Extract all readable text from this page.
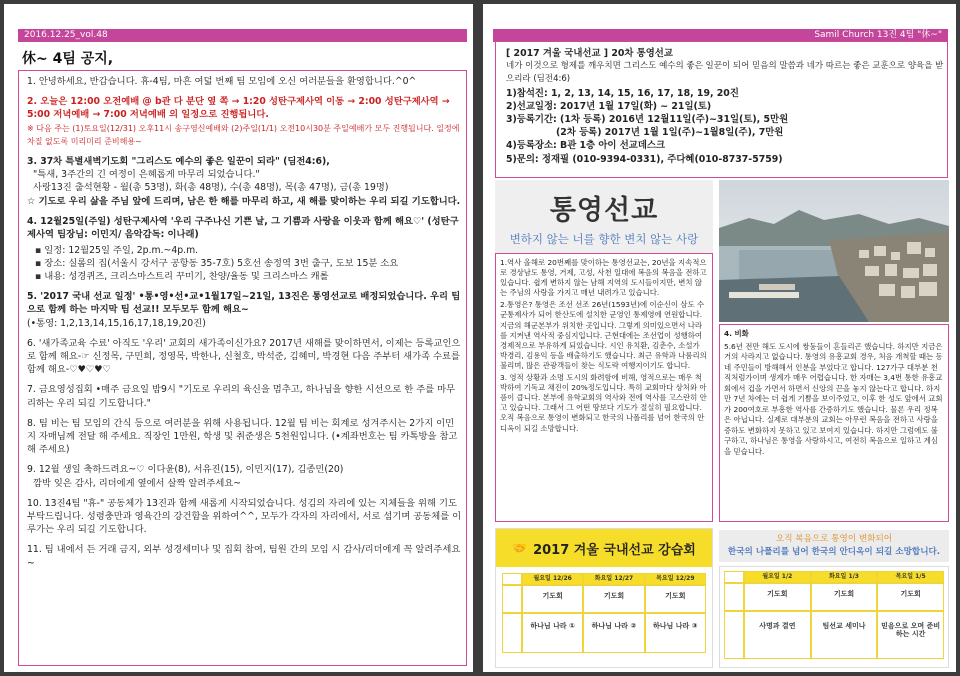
2016.12.25_vol.48
休~ 4팀 공지,

1. 안녕하세요, 반갑습니다. 휴-4팀, 마흔 여덟 번째 팀 모임에 오신 여러분들을 환영합니다.^0^

2. 오늘은 12:00 오전예배 @ b관 다 분단 옆 쪽 → 1:20 성탄구제사역 이동 → 2:00 성탄구제사역 → 5:00 저녁예배 → 7:00 저녁예배 의 일정으로 진행됩니다.
※ 다음 주는 (1)토요일(12/31) 오후11시 송구영신예배와 (2)주일(1/1) 오전10시30분 주일예배가 모두 진행됩니다. 일정에 차질 없도록 미리미리 준비해용~

3. 37차 특별새벽기도회 "그리스도 예수의 좋은 일꾼이 되라" (딤전4:6),
"특새, 3주간의 긴 여정이 은혜롭게 마무리 되었습니다."
사랑13진 출석현황 - 월(총 53명), 화(총 48명), 수(총 48명), 목(총 47명), 금(총 19명)
☆ 기도로 우리 삶을 주님 앞에 드리며, 남은 한 해를 마무리 하고, 새 해를 맞이하는 우리 되길 기도합니다.

4. 12월25일(주일) 성탄구제사역 '우리 구주나신 기쁜 날, 그 기쁨과 사랑을 이웃과 함께 해요♡' (성탄구제사역 팀장님: 이민지/ 음악감독: 이나래)

▪ 일정: 12월25일 주일, 2p.m.~4p.m.
▪ 장소: 실롬의 집(서울시 강서구 공항동 35-7호) 5호선 송정역 3번 출구, 도보 15분 소요
▪ 내용: 성경퀴즈, 크리스마스트리 꾸미기, 찬양/율동 및 크리스마스 캐롤

5. '2017 국내 선교 일정' •통•영•선•교•1월17일~21일, 13진은 통영선교로 배정되었습니다. 우리 팀으로 함께 하는 마지막 팀 선교!! 모두모두 함께 해요~
(•통영: 1,2,13,14,15,16,17,18,19,20진)

6. '새가족교육 수료' 아직도 '우리' 교회의 새가족이신가요? 2017년 새해를 맞이하면서, 이제는 등록교인으로 함께 해요-☞ 신정목, 구민희, 정영목, 박한나, 신철호, 박석준, 김혜미, 박경현 다음 주부터 새가족 수료를 함께 해요-♡♥♡♥♡

7. 금요영성집회 •매주 금요일 밤9시 "기도로 우리의 육신을 멈추고, 하나님을 향한 시선으로 한 주를 마무리하는 우리 되길 기도합니다."

8. 팀 비는 팀 모임의 간식 등으로 여러분을 위해 사용됩니다. 12월 팀 비는 회계로 성겨주시는 2가지 이민지 자매님께 전달 해 주세요. 직장인 1만원, 학생 및 취준생은 5천원입니다. (•계좌번호는 팀 카톡방을 참고 해 주세요)

9. 12월 생일 축하드려요~♡ 이다윤(8), 서유진(15), 이민지(17), 김종민(20)
깜박 잊은 감사, 리더에게 옆에서 살짝 알려주세요~

10. 13진4팀 "휴-" 공동체가 13진과 함께 새롭게 시작되었습니다. 성김의 자리에 있는 지체들을 위해 기도 부탁드립니다. 성령충만과 영육간의 강건함을 위하여^^, 모두가 각자의 자리에서, 서로 섬기며 공동체를 이루가는 우리 되길 기도합니다.

11. 팀 내에서 든 거래 금지, 외부 성경세미나 및 집회 참여, 팀원 간의 모임 시 감사/리더에게 꼭 알려주세요~

Samil Church 13진 4팀 "休~"
[ 2017 겨울 국내선교 ] 20차 통영선교
네가 이것으로 형제를 깨우치면 그리스도 예수의 좋은 일꾼이 되어 믿음의 말씀과 네가 따르는 좋은 교훈으로 양육을 받으리라 (딤전4:6)
1)참석진: 1, 2, 13, 14, 15, 16, 17, 18, 19, 20진
2)선교일정: 2017년 1월 17일(화) ~ 21일(토)
3)등록기간: (1차 등록) 2016년 12월11일(주)~31일(토), 5만원
(2차 등록) 2017년 1월 1일(주)~1월8일(주), 7만원
4)등록장소: B관 1층 아이 선교데스크
5)문의: 정재필 (010-9394-0331), 주다혜(010-8737-5759)
통영선교
변하지 않는 너를 향한 변치 않는 사랑

1.역사 올해로 20번째를 맞이하는 통영선교는, 20년을 지속적으로 경상남도 통영, 거제, 고성, 사천 일대에 복음의 복음을 전하고 있습니다. 쉽게 변하지 않는 남해 지역의 도시들이지만, 변치 않는 주님의 사랑을 가지고 매년 내려가고 있습니다.

2.통영은? 통영은 조선 선조 26년(1593년)에 이순신이 삼도 수군통제사가 되어 한산도에 설치한 군영인 통제영에 연원합니다. 지금의 해군본부가 위치한 곳입니다. 그렇게 의미있으면서 나라를 지켜낸 역사적 중심지입니다. 근현대에는 조선업이 성행하여 경제적으로 부유하게 되었습니다. 시인 유치환, 김춘수, 소설가 박경리, 김용익 등을 배출하기도 했습니다. 최근 유학과 나룸리의 불리며, 많은 관광객들이 찾는 식도락 여행지이기도 합니다.

3. 영적 상황과 소명 도시의 화려함에 비해, 영적으로는 매우 척박하여 기독교 채진이 20%정도입니다. 특히 교회마다 상처와 아픔이 큽니다. 본부에 유학교회의 역사와 전에 역사를 고스란히 안고 있습니다. 그래서 그 어떤 땅보다 기도가 절실히 필요합니다. 오직 복음으로 통영이 변화되고 한국의 나폴리를 넘어 한국의 안디옥이 되길 소망합니다.

4. 비화

5.6년 전만 해도 도시에 쌍둥들이 흔들리곤 했습니다. 하지만 지금은 거의 사라지고 없습니다. 통영의 유흥교회 경우, 처음 개척할 때는 동네 주민들이 방해해서 인분을 부었다고 합니다. 127가구 대부분 천직처럼가이며 생계가 매우 어렵습니다. 한 자매는 3,4번 통한 유흥교회에서 겁을 가면서 하면서 신앙의 끈을 놓지 않는다고 합니다. 하지만 7년 차에는 더 쉽게 기쁨을 보이주었고, 이후 한 성도 앞에서 교회가 200여호로 부흥한 역사를 간증하기도 했습니다. 물론 우리 정복은 아닙니다. 실제로 대부분의 교회는 아무런 복음을 전하고 사랑을 증하도 변화하지 못하고 있고 보여지 있습니다. 하지만 그럼에도 불구하고, 하나님은 통영을 사랑하시고, 여전히 복음으로 일하고 계심을 믿습니다.

🤝 2017 겨울 국내선교 강습회
월요일 12/26	화요일 12/27	목요일 12/29
기도회	기도회	기도회
하나님 나라 ①	하나님 나라 ②	하나님 나라 ③
오직 복음으로 통영이 변화되어
한국의 나폴리를 넘어 한국의 안디옥이 되길 소망합니다.
월요일 1/2	화요일 1/3	목요일 1/5
기도회	기도회	기도회
사명과 결연	팀선교 세미나	믿음으로 오며 준비하는 시간
